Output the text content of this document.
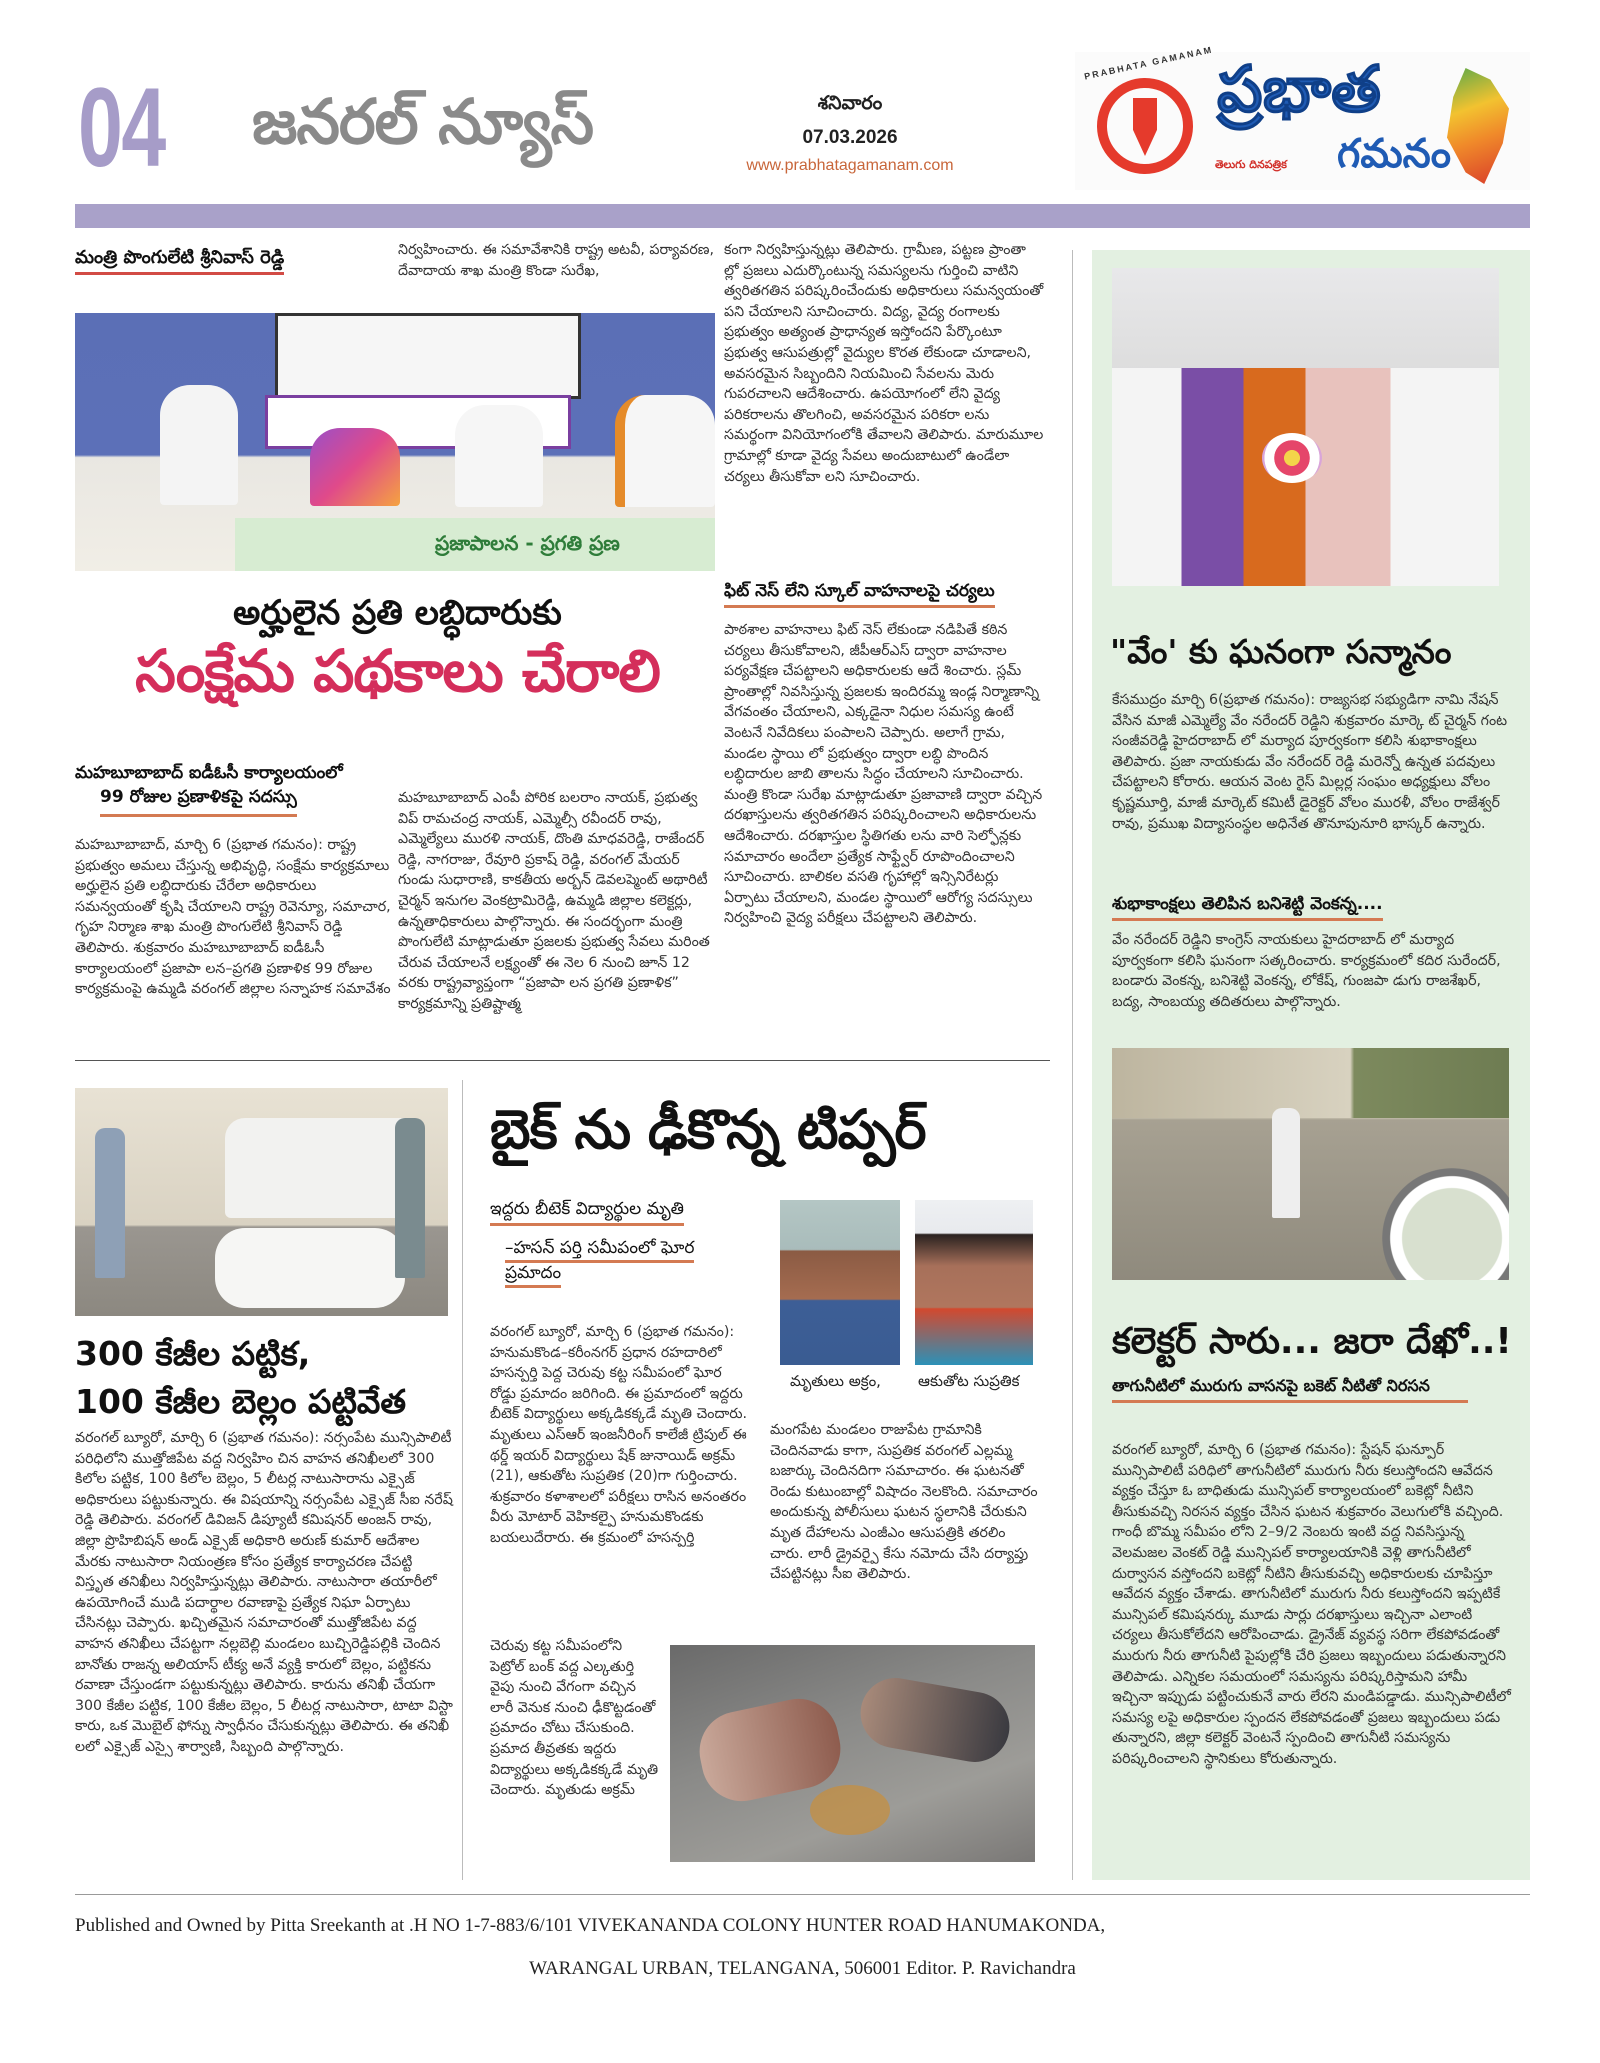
04 జనరల్ న్యూస్	శనివారం
07.03.2026
www.prabhatagamanam.com
PRABHATA GAMANAM ప్రభాత
తెలుగు దినపత్రిక గమనం
మంత్రి పొంగులేటి శ్రీనివాస్ రెడ్డి	నిర్వహించారు. ఈ సమావేశానికి రాష్ట్ర అటవీ, పర్యావరణ, దేవాదాయ శాఖ మంత్రి కొండా సురేఖ,
ప్రజాపాలన - ప్రగతి ప్రణ
అర్హులైన ప్రతి లబ్ధిదారుకు
సంక్షేమ పథకాలు చేరాలి
మహబూబాబాద్ ఐడీఓసీ కార్యాలయంలో
99 రోజుల ప్రణాళికపై సదస్సు
మహబూబాబాద్, మార్చి 6 (ప్రభాత గమనం): రాష్ట్ర ప్రభుత్వం అమలు చేస్తున్న అభివృద్ధి, సంక్షేమ కార్యక్రమాలు అర్హులైన ప్రతి లబ్ధిదారుకు చేరేలా అధికారులు సమన్వయంతో కృషి చేయాలని రాష్ట్ర రెవెన్యూ, సమాచార, గృహ నిర్మాణ శాఖ మంత్రి పొంగులేటి శ్రీనివాస్ రెడ్డి తెలిపారు. శుక్రవారం మహబూబాబాద్ ఐడీఓసీ కార్యాలయంలో ప్రజాపా లన–ప్రగతి ప్రణాళిక 99 రోజుల కార్యక్రమంపై ఉమ్మడి వరంగల్ జిల్లాల సన్నాహక సమావేశం
మహబూబాబాద్ ఎంపీ పోరిక బలరాం నాయక్, ప్రభుత్వ విప్ రామచంద్ర నాయక్, ఎమ్మెల్సీ రవీందర్ రావు, ఎమ్మెల్యేలు మురళి నాయక్, దొంతి మాధవరెడ్డి, రాజేందర్ రెడ్డి, నాగరాజు, రేవూరి ప్రకాష్ రెడ్డి, వరంగల్ మేయర్ గుండు సుధారాణి, కాకతీయ అర్బన్ డెవలప్మెంట్ అథారిటీ చైర్మన్ ఇనుగల వెంకట్రామిరెడ్డి, ఉమ్మడి జిల్లాల కలెక్టర్లు, ఉన్నతాధికారులు పాల్గొన్నారు. ఈ సందర్భంగా మంత్రి పొంగులేటి మాట్లాడుతూ ప్రజలకు ప్రభుత్వ సేవలు మరింత చేరువ చేయాలనే లక్ష్యంతో ఈ నెల 6 నుంచి జూన్ 12 వరకు రాష్ట్రవ్యాప్తంగా “ప్రజాపా లన ప్రగతి ప్రణాళిక” కార్యక్రమాన్ని ప్రతిష్టాత్మ
కంగా నిర్వహిస్తున్నట్లు తెలిపారు. గ్రామీణ, పట్టణ ప్రాంతా ల్లో ప్రజలు ఎదుర్కొంటున్న సమస్యలను గుర్తించి వాటిని త్వరితగతిన పరిష్కరించేందుకు అధికారులు సమన్వయంతో పని చేయాలని సూచించారు. విద్య, వైద్య రంగాలకు ప్రభుత్వం అత్యంత ప్రాధాన్యత ఇస్తోందని పేర్కొంటూ ప్రభుత్వ ఆసుపత్రుల్లో వైద్యుల కొరత లేకుండా చూడాలని, అవసరమైన సిబ్బందిని నియమించి సేవలను మెరు గుపరచాలని ఆదేశించారు. ఉపయోగంలో లేని వైద్య పరికరాలను తొలగించి, అవసరమైన పరికరా లను సమర్థంగా వినియోగంలోకి తేవాలని తెలిపారు. మారుమూల గ్రామాల్లో కూడా వైద్య సేవలు అందుబాటులో ఉండేలా చర్యలు తీసుకోవా లని సూచించారు.
ఫిట్ నెస్ లేని స్కూల్ వాహనాలపై చర్యలు
పాఠశాల వాహనాలు ఫిట్ నెస్ లేకుండా నడిపితే కఠిన చర్యలు తీసుకోవాలని, జీపీఆర్ఎస్ ద్వారా వాహనాల పర్యవేక్షణ చేపట్టాలని అధికారులకు ఆదే శించారు. స్లమ్ ప్రాంతాల్లో నివసిస్తున్న ప్రజలకు ఇందిరమ్మ ఇండ్ల నిర్మాణాన్ని వేగవంతం చేయాలని, ఎక్కడైనా నిధుల సమస్య ఉంటే వెంటనే నివేదికలు పంపాలని చెప్పారు. అలాగే గ్రామ, మండల స్థాయి లో ప్రభుత్వం ద్వారా లబ్ధి పొందిన లబ్ధిదారుల జాబి తాలను సిద్ధం చేయాలని సూచించారు. మంత్రి కొండా సురేఖ మాట్లాడుతూ ప్రజావాణి ద్వారా వచ్చిన దరఖాస్తులను త్వరితగతిన పరిష్కరించాలని అధికారులను ఆదేశించారు. దరఖాస్తుల స్థితిగతు లను వారి సెల్ఫోన్లకు సమాచారం అందేలా ప్రత్యేక సాఫ్ట్వేర్ రూపొందించాలని సూచించారు. బాలికల వసతి గృహాల్లో ఇన్సినిరేటర్లు ఏర్పాటు చేయాలని, మండల స్థాయిలో ఆరోగ్య సదస్సులు నిర్వహించి వైద్య పరీక్షలు చేపట్టాలని తెలిపారు.
"వేం' కు ఘనంగా సన్మానం
కేసముద్రం మార్చి 6(ప్రభాత గమనం): రాజ్యసభ సభ్యుడిగా నామి నేషన్ వేసిన మాజీ ఎమ్మెల్యే వేం నరేందర్ రెడ్డిని శుక్రవారం మార్కె ట్ చైర్మన్ గంట సంజీవరెడ్డి హైదరాబాద్ లో మర్యాద పూర్వకంగా కలిసి శుభాకాంక్షలు తెలిపారు. ప్రజా నాయకుడు వేం నరేందర్ రెడ్డి మరెన్నో ఉన్నత పదవులు చేపట్టాలని కోరారు. ఆయన వెంట రైస్ మిల్లర్ల సంఘం అధ్యక్షులు వోలం కృష్ణమూర్తి, మాజీ మార్కెట్ కమిటీ డైరెక్టర్ వోలం మురళీ, వోలం రాజేశ్వర్ రావు, ప్రముఖ విద్యాసంస్థల అధినేత తొనూపునూరి భాస్కర్ ఉన్నారు.
శుభాకాంక్షలు తెలిపిన బనిశెట్టి వెంకన్న....
వేం నరేందర్ రెడ్డిని కాంగ్రెస్ నాయకులు హైదరాబాద్ లో మర్యాద పూర్వకంగా కలిసి ఘనంగా సత్కరించారు. కార్యక్రమంలో కదిర సురేందర్, బండారు వెంకన్న, బనిశెట్టి వెంకన్న, లోకేష్, గుంజపా డుగు రాజశేఖర్, బద్య, సాంబయ్య తదితరులు పాల్గొన్నారు.
కలెక్టర్ సారు... జరా దేఖో..!
తాగునీటిలో మురుగు వాసనపై బకెట్ నీటితో నిరసన
వరంగల్ బ్యూరో, మార్చి 6 (ప్రభాత గమనం): స్టేషన్ ఘన్పూర్ మున్సిపాలిటీ పరిధిలో తాగునీటిలో మురుగు నీరు కలుస్తోందని ఆవేదన వ్యక్తం చేస్తూ ఓ బాధితుడు మున్సిపల్ కార్యాలయంలో బకెట్లో నీటిని తీసుకువచ్చి నిరసన వ్యక్తం చేసిన ఘటన శుక్రవారం వెలుగులోకి వచ్చింది. గాంధీ బొమ్మ సమీపం లోని 2–9/2 నెంబరు ఇంటి వద్ద నివసిస్తున్న వెలమజల వెంకట్ రెడ్డి మున్సిపల్ కార్యాలయానికి వెళ్లి తాగునీటిలో దుర్వాసన వస్తోందని బకెట్లో నీటిని తీసుకువచ్చి అధికారులకు చూపిస్తూ ఆవేదన వ్యక్తం చేశాడు. తాగునీటిలో మురుగు నీరు కలుస్తోందని ఇప్పటికే మున్సిపల్ కమిషనర్కు మూడు సార్లు దరఖాస్తులు ఇచ్చినా ఎలాంటి చర్యలు తీసుకోలేదని ఆరోపించాడు. డ్రైనేజ్ వ్యవస్థ సరిగా లేకపోవడంతో మురుగు నీరు తాగునీటి పైపుల్లోకి చేరి ప్రజలు ఇబ్బందులు పడుతున్నారని తెలిపాడు. ఎన్నికల సమయంలో సమస్యను పరిష్కరిస్తామని హామీ ఇచ్చినా ఇప్పుడు పట్టించుకునే వారు లేరని మండిపడ్డాడు. మున్సిపాలిటీలో సమస్య లపై అధికారుల స్పందన లేకపోవడంతో ప్రజలు ఇబ్బందులు పడు తున్నారని, జిల్లా కలెక్టర్ వెంటనే స్పందించి తాగునీటి సమస్యను పరిష్కరించాలని స్థానికులు కోరుతున్నారు.
300 కేజీల పట్టిక,
100 కేజీల బెల్లం పట్టివేత
వరంగల్ బ్యూరో, మార్చి 6 (ప్రభాత గమనం): నర్సంపేట మున్సిపాలిటీ పరిధిలోని ముత్తోజిపేట వద్ద నిర్వహిం చిన వాహన తనిఖీలలో 300 కిలోల పట్టిక, 100 కిలోల బెల్లం, 5 లీటర్ల నాటుసారాను ఎక్సైజ్ అధికారులు పట్టుకున్నారు. ఈ విషయాన్ని నర్సంపేట ఎక్సైజ్ సీఐ నరేష్ రెడ్డి తెలిపారు. వరంగల్ డివిజన్ డిప్యూటీ కమిషనర్ అంజన్ రావు, జిల్లా ప్రొహిబిషన్ అండ్ ఎక్సైజ్ అధికారి అరుణ్ కుమార్ ఆదేశాల మేరకు నాటుసారా నియంత్రణ కోసం ప్రత్యేక కార్యాచరణ చేపట్టి విస్తృత తనిఖీలు నిర్వహిస్తున్నట్లు తెలిపారు. నాటుసారా తయారీలో ఉపయోగించే ముడి పదార్థాల రవాణాపై ప్రత్యేక నిఘా ఏర్పాటు చేసినట్లు చెప్పారు. ఖచ్చితమైన సమాచారంతో ముత్తోజిపేట వద్ద వాహన తనిఖీలు చేపట్టగా నల్లబెల్లి మండలం బుచ్చిరెడ్డిపల్లికి చెందిన బానోతు రాజన్న అలియాస్ టీక్య అనే వ్యక్తి కారులో బెల్లం, పట్టికను రవాణా చేస్తుండగా పట్టుకున్నట్లు తెలిపారు. కారును తనిఖీ చేయగా 300 కేజీల పట్టిక, 100 కేజీల బెల్లం, 5 లీటర్ల నాటుసారా, టాటా విస్టా కారు, ఒక మొబైల్ ఫోన్ను స్వాధీనం చేసుకున్నట్లు తెలిపారు. ఈ తనిఖీ లలో ఎక్సైజ్ ఎస్సై శార్వాణి, సిబ్బంది పాల్గొన్నారు.
బైక్ ను ఢీకొన్న టిప్పర్
ఇద్దరు బీటెక్ విద్యార్థుల మృతి
–హసన్ పర్తి సమీపంలో ఘోర ప్రమాదం
మృతులు అక్రం, ఆకుతోట సుప్రతిక
వరంగల్ బ్యూరో, మార్చి 6 (ప్రభాత గమనం): హనుమకొండ–కరీంనగర్ ప్రధాన రహదారిలో హసన్పర్తి పెద్ద చెరువు కట్ట సమీపంలో ఘోర రోడ్డు ప్రమాదం జరిగింది. ఈ ప్రమాదంలో ఇద్దరు బీటెక్ విద్యార్థులు అక్కడికక్కడే మృతి చెందారు. మృతులు ఎస్ఆర్ ఇంజనీరింగ్ కాలేజీ ట్రిపుల్ ఈ థర్డ్ ఇయర్ విద్యార్థులు షేక్ జునాయిడ్ అక్రమ్ (21), ఆకుతోట సుప్రతిక (20)గా గుర్తించారు. శుక్రవారం కళాశాలలో పరీక్షలు రాసిన అనంతరం వీరు మోటార్ వెహికల్పై హనుమకొండకు బయలుదేరారు. ఈ క్రమంలో హసన్పర్తి
చెరువు కట్ట సమీపంలోని పెట్రోల్ బంక్ వద్ద ఎల్కతుర్తి వైపు నుంచి వేగంగా వచ్చిన లారీ వెనుక నుంచి ఢీకొట్టడంతో ప్రమాదం చోటు చేసుకుంది. ప్రమాద తీవ్రతకు ఇద్దరు విద్యార్థులు అక్కడికక్కడే మృతి చెందారు. మృతుడు అక్రమ్
మంగపేట మండలం రాజుపేట గ్రామానికి చెందినవాడు కాగా, సుప్రతిక వరంగల్ ఎల్లమ్మ బజార్కు చెందినదిగా సమాచారం. ఈ ఘటనతో రెండు కుటుంబాల్లో విషాదం నెలకొంది. సమాచారం అందుకున్న పోలీసులు ఘటన స్థలానికి చేరుకుని మృత దేహాలను ఎంజీఎం ఆసుపత్రికి తరలిం చారు. లారీ డ్రైవర్పై కేసు నమోదు చేసి దర్యాప్తు చేపట్టినట్లు సీఐ తెలిపారు.
Published and Owned by Pitta Sreekanth at .H NO 1-7-883/6/101 VIVEKANANDA COLONY HUNTER ROAD HANUMAKONDA,
WARANGAL URBAN, TELANGANA, 506001 Editor. P. Ravichandra
